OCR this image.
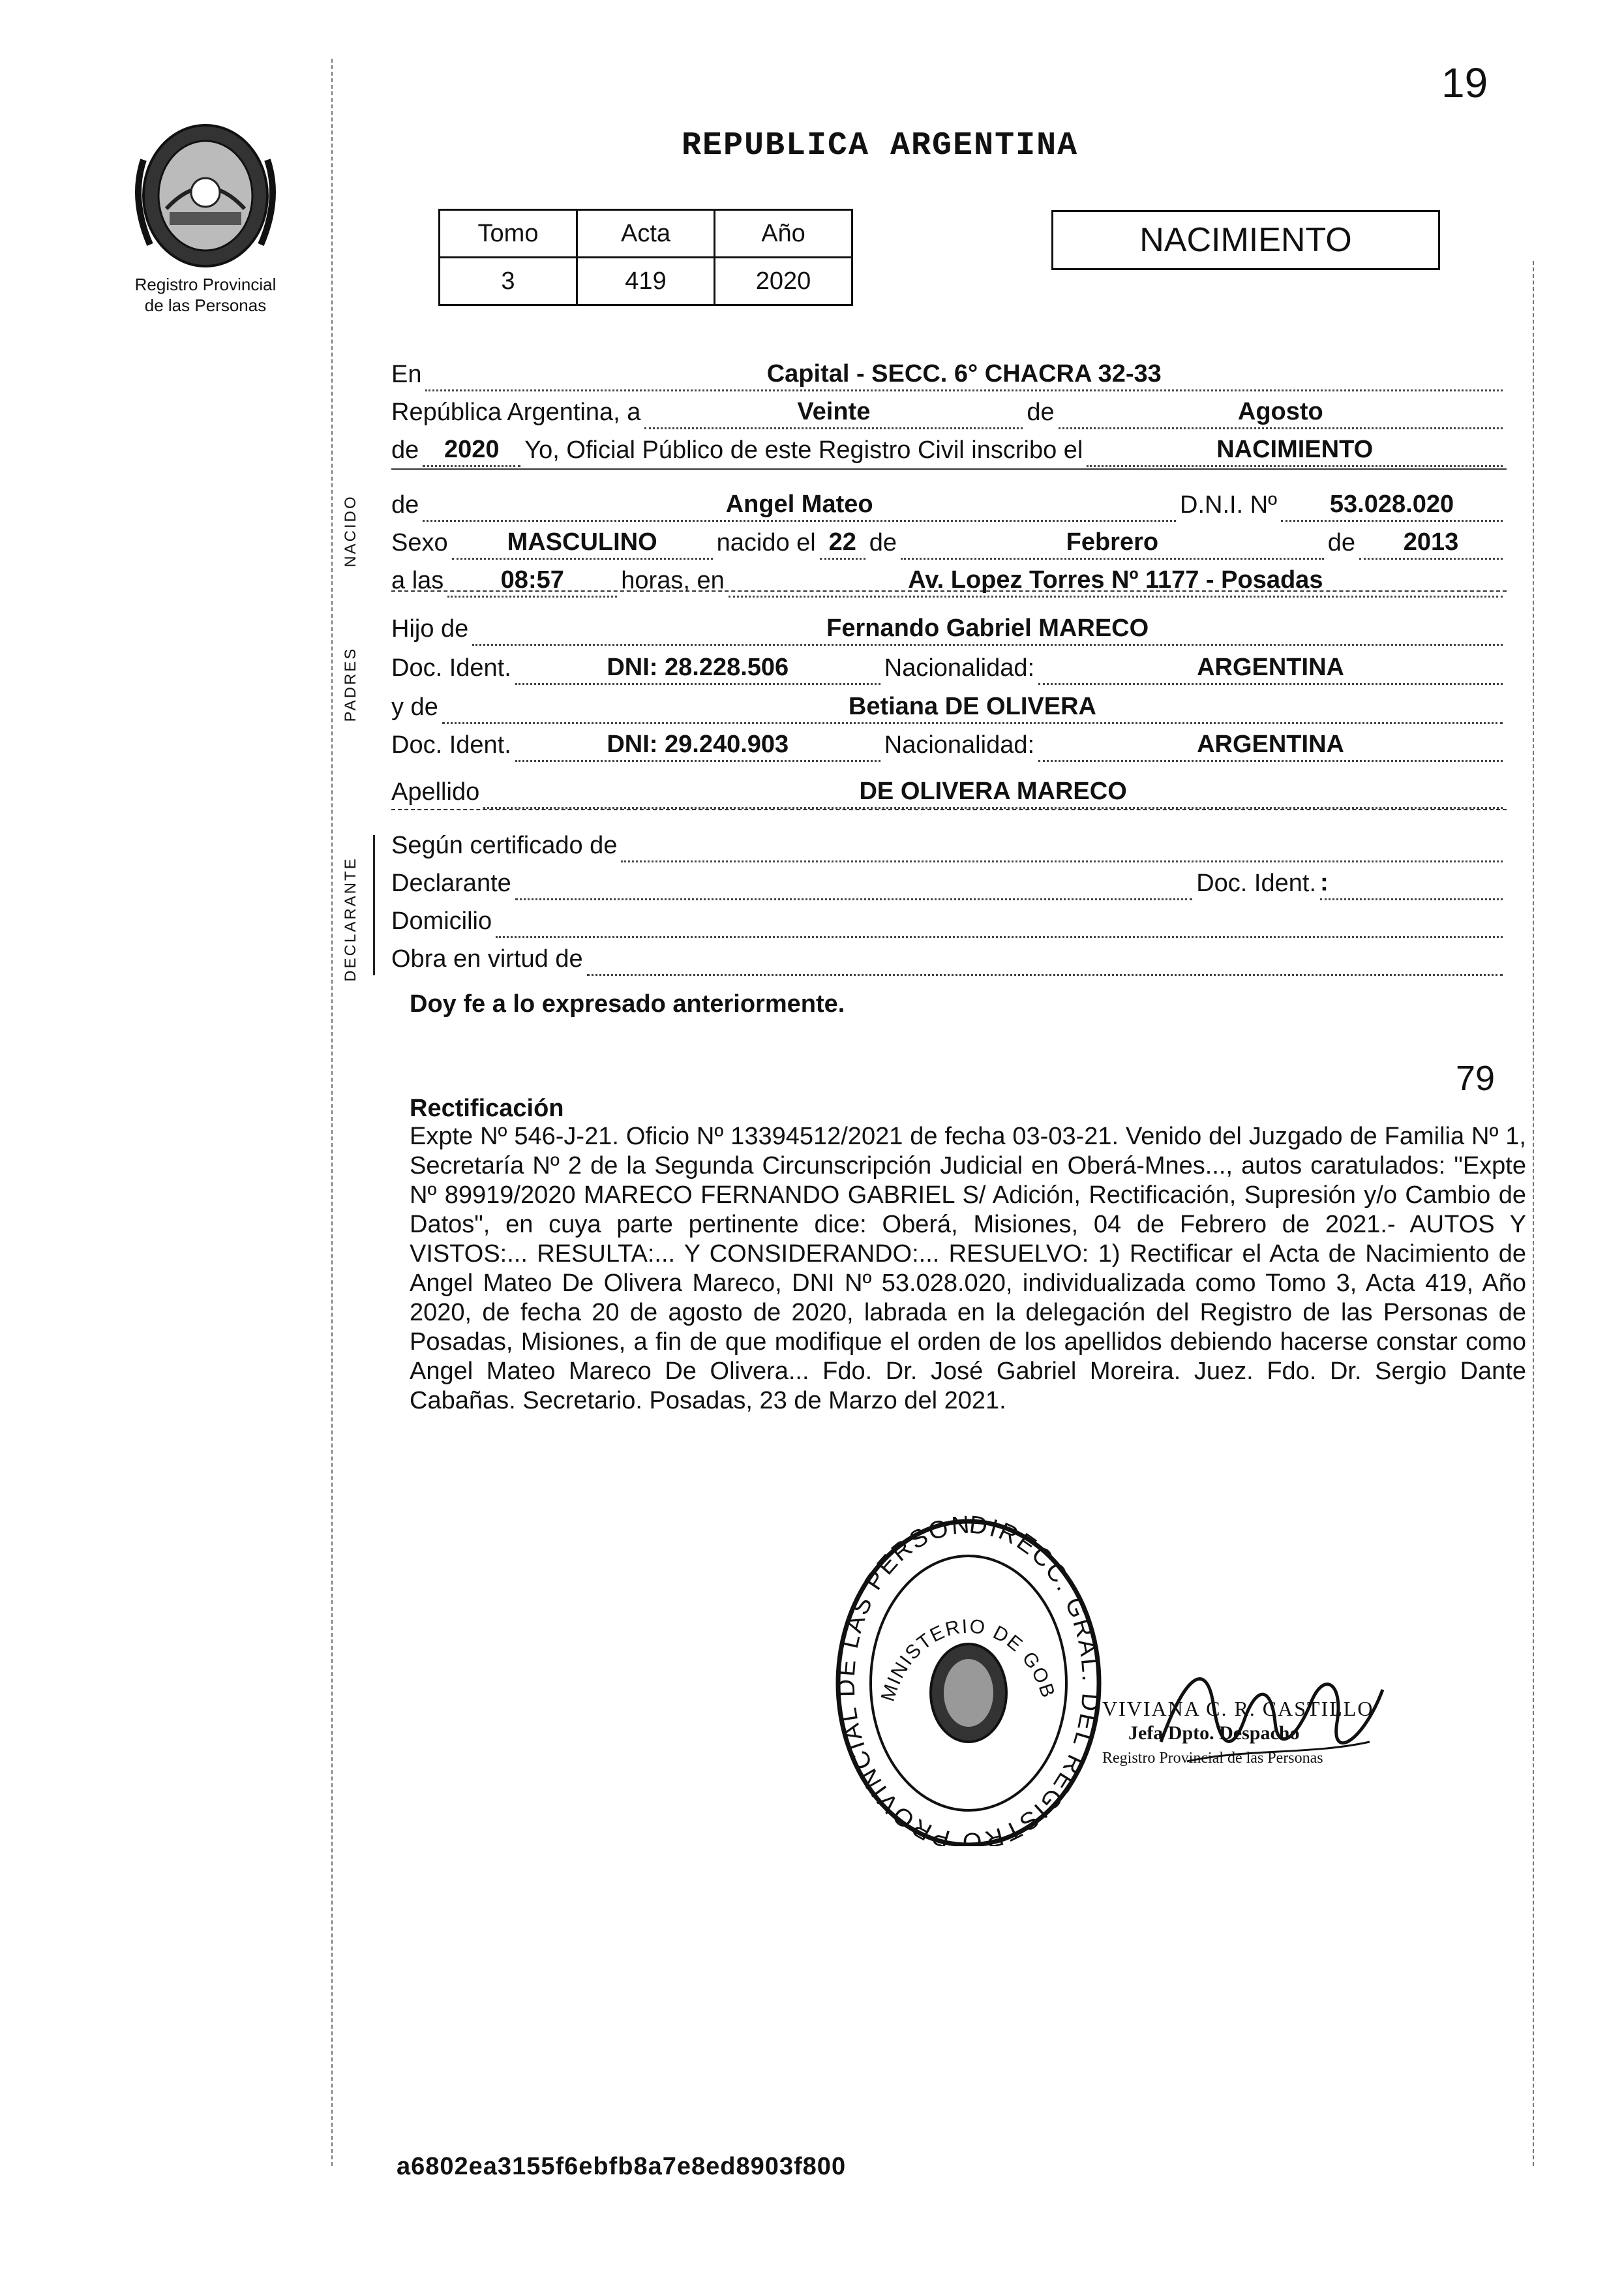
19
Registro Provincial
de las Personas
REPUBLICA ARGENTINA
Tomo	Acta	Año
3	419	2020
NACIMIENTO
NACIDO
PADRES
DECLARANTE
En	Capital - SECC. 6° CHACRA 32-33
República Argentina, a	Veinte	de	Agosto
de	2020	Yo, Oficial Público de este Registro Civil inscribo el	NACIMIENTO
de	Angel Mateo	D.N.I. Nº	53.028.020
Sexo	MASCULINO	nacido el 22 de	Febrero	de	2013
a las	08:57	horas, en	Av. Lopez Torres Nº 1177 - Posadas
Hijo de	Fernando Gabriel MARECO
Doc. Ident.	DNI: 28.228.506	Nacionalidad:	ARGENTINA
y de	Betiana DE OLIVERA
Doc. Ident.	DNI: 29.240.903	Nacionalidad:	ARGENTINA
Apellido	DE OLIVERA MARECO
Según certificado de
Declarante	Doc. Ident. :
Domicilio
Obra en virtud de
Doy fe a lo expresado anteriormente.
79
Rectificación
Expte Nº 546-J-21. Oficio Nº 13394512/2021 de fecha 03-03-21. Venido del Juzgado de Familia Nº 1, Secretaría Nº 2 de la Segunda Circunscripción Judicial en Oberá-Mnes..., autos caratulados: "Expte Nº 89919/2020 MARECO FERNANDO GABRIEL S/ Adición, Rectificación, Supresión y/o Cambio de Datos", en cuya parte pertinente dice: Oberá, Misiones, 04 de Febrero de 2021.- AUTOS Y VISTOS:... RESULTA:... Y CONSIDERANDO:... RESUELVO: 1) Rectificar el Acta de Nacimiento de Angel Mateo De Olivera Mareco, DNI Nº 53.028.020, individualizada como Tomo 3, Acta 419, Año 2020, de fecha 20 de agosto de 2020, labrada en la delegación del Registro de las Personas de Posadas, Misiones, a fin de que modifique el orden de los apellidos debiendo hacerse constar como Angel Mateo Mareco De Olivera... Fdo. Dr. José Gabriel Moreira. Juez. Fdo. Dr. Sergio Dante Cabañas. Secretario. Posadas, 23 de Marzo del 2021.
DIRECC. GRAL. DEL REGISTRO PROVINCIAL DE LAS PERSON
MINISTERIO DE GOB
VIVIANA C. R. CASTILLO
Jefa Dpto. Despacho
Registro Provincial de las Personas
a6802ea3155f6ebfb8a7e8ed8903f800
